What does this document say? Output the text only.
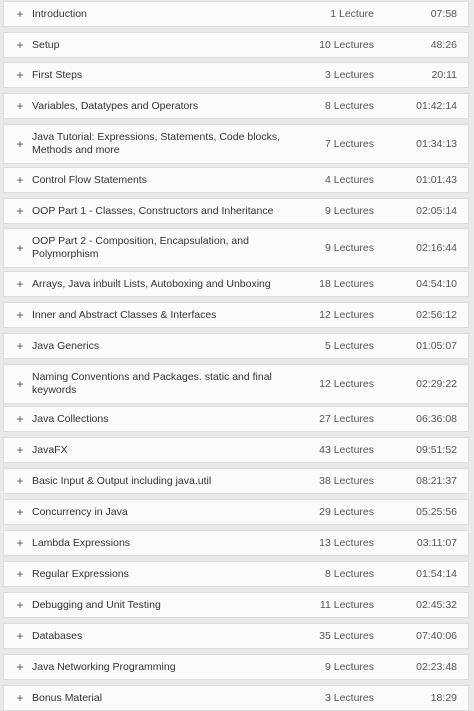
+ Introduction	1 Lecture	07:58
+ Setup	10 Lectures	48:26
+ First Steps	3 Lectures	20:11
+ Variables, Datatypes and Operators	8 Lectures	01:42:14
+ Java Tutorial: Expressions, Statements, Code blocks, Methods and more	7 Lectures	01:34:13
+ Control Flow Statements	4 Lectures	01:01:43
+ OOP Part 1 - Classes, Constructors and Inheritance	9 Lectures	02:05:14
+ OOP Part 2 - Composition, Encapsulation, and Polymorphism	9 Lectures	02:16:44
+ Arrays, Java inbuilt Lists, Autoboxing and Unboxing	18 Lectures	04:54:10
+ Inner and Abstract Classes & Interfaces	12 Lectures	02:56:12
+ Java Generics	5 Lectures	01:05:07
+ Naming Conventions and Packages. static and final keywords	12 Lectures	02:29:22
+ Java Collections	27 Lectures	06:36:08
+ JavaFX	43 Lectures	09:51:52
+ Basic Input & Output including java.util	38 Lectures	08:21:37
+ Concurrency in Java	29 Lectures	05:25:56
+ Lambda Expressions	13 Lectures	03:11:07
+ Regular Expressions	8 Lectures	01:54:14
+ Debugging and Unit Testing	11 Lectures	02:45:32
+ Databases	35 Lectures	07:40:06
+ Java Networking Programming	9 Lectures	02:23:48
+ Bonus Material	3 Lectures	18:29
